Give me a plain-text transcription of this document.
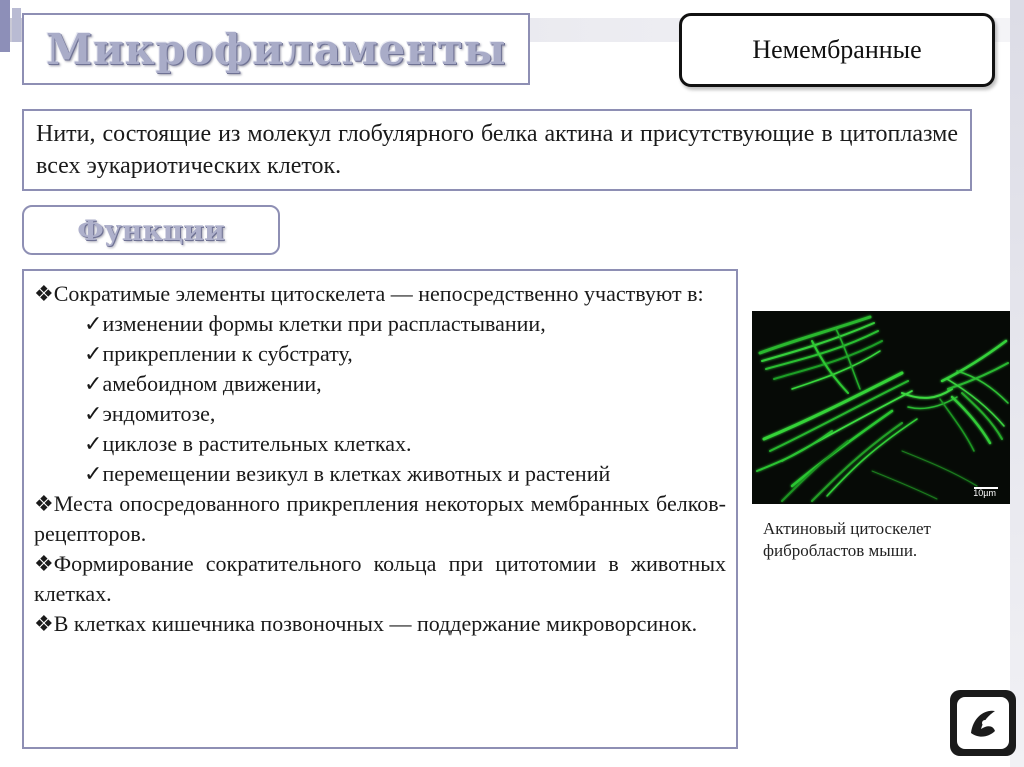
Микрофиламенты	Немембранные
Нити, состоящие из молекул глобулярного белка актина и присутствующие в цитоплазме всех эукариотических клеток.
Функции
❖Сократимые элементы цитоскелета — непосредственно участвуют в:
✓изменении формы клетки при распластывании,
✓прикреплении к субстрату,
✓амебоидном движении,
✓эндомитозе,
✓циклозе в растительных клетках.
✓перемещении везикул в клетках животных и растений
❖Места опосредованного прикрепления некоторых мембранных белков-рецепторов.
❖Формирование сократительного кольца при цитотомии в животных клетках.
❖В клетках кишечника позвоночных — поддержание микроворсинок.
10µm
Актиновый цитоскелет фибробластов мыши.
